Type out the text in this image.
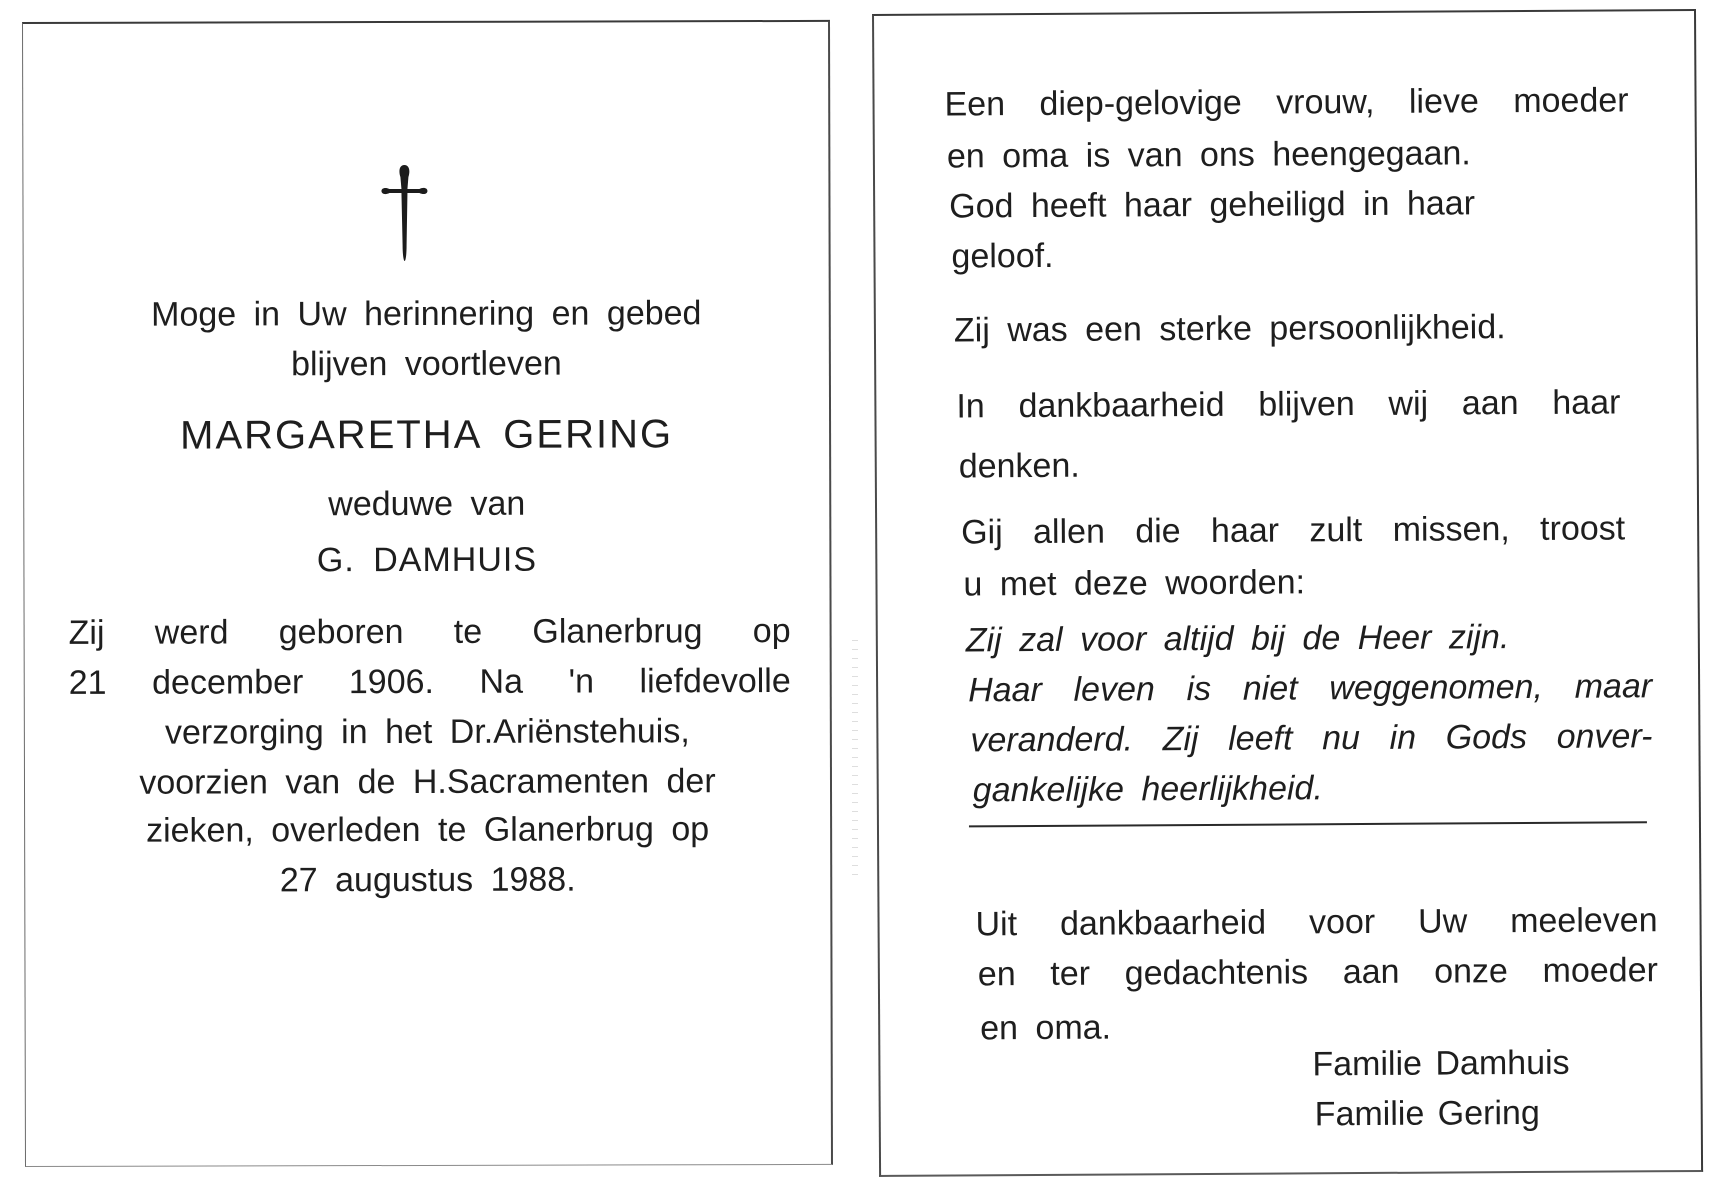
Moge in Uw herinnering en gebed
blijven voortleven
MARGARETHA GERING
weduwe van
G. DAMHUIS
Zij werd geboren te Glanerbrug op
21 december 1906. Na 'n liefdevolle
verzorging in het Dr.Ariënstehuis,
voorzien van de H.Sacramenten der
zieken, overleden te Glanerbrug op
27 augustus 1988.
Een diep-gelovige vrouw, lieve moeder
en oma is van ons heengegaan.
God heeft haar geheiligd in haar
geloof.
Zij was een sterke persoonlijkheid.
In dankbaarheid blijven wij aan haar
denken.
Gij allen die haar zult missen, troost
u met deze woorden:
Zij zal voor altijd bij de Heer zijn.
Haar leven is niet weggenomen, maar
veranderd. Zij leeft nu in Gods onver-
gankelijke heerlijkheid.
Uit dankbaarheid voor Uw meeleven
en ter gedachtenis aan onze moeder
en oma.
Familie Damhuis
Familie Gering
